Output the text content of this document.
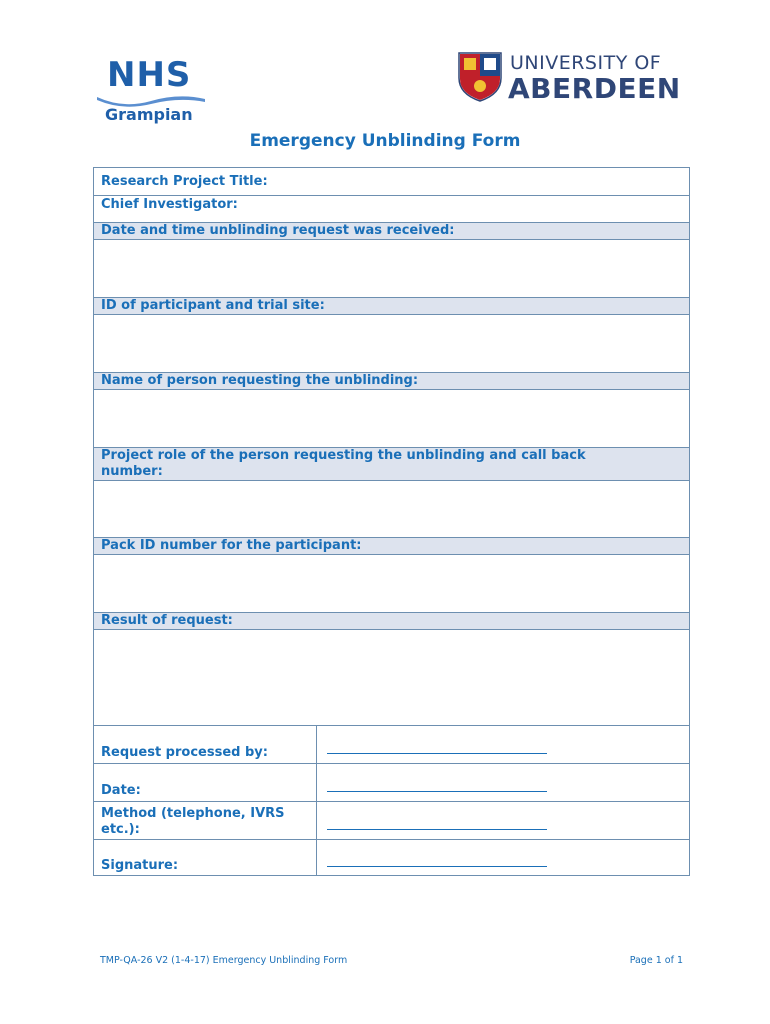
NHS
Grampian
UNIVERSITY OF
ABERDEEN
Emergency Unblinding Form
Research Project Title:
Chief Investigator:
Date and time unblinding request was received:
ID of participant and trial site:
Name of person requesting the unblinding:
Project role of the person requesting the unblinding and call back number:
Pack ID number for the participant:
Result of request:
Request processed by:
Date:
Method (telephone, IVRS etc.):
Signature:
TMP-QA-26 V2 (1-4-17) Emergency Unblinding Form	Page 1 of 1
